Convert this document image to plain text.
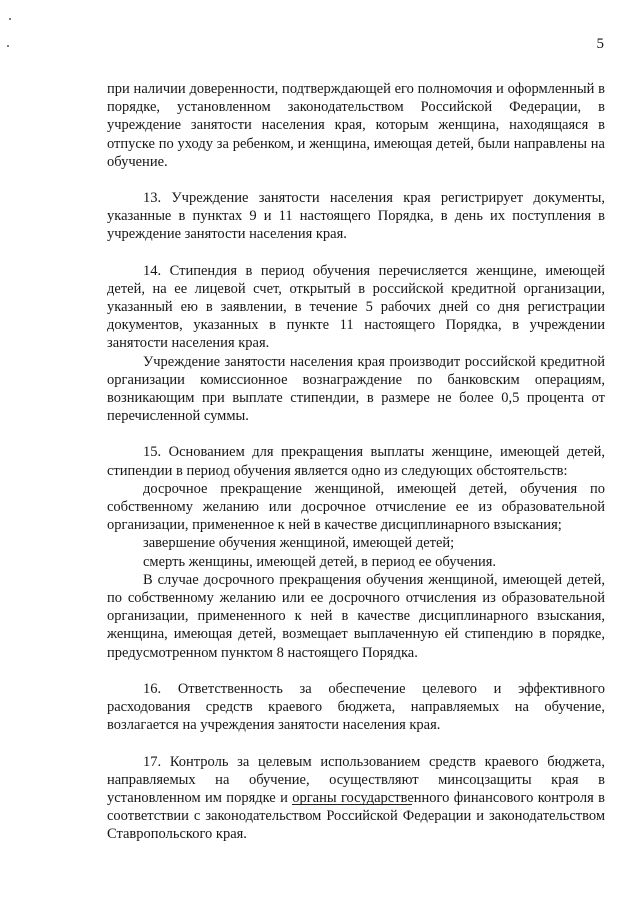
5

при наличии доверенности, подтверждающей его полномочия и оформленный в порядке, установленном законодательством Российской Федерации, в учреждение занятости населения края, которым женщина, находящаяся в отпуске по уходу за ребенком, и женщина, имеющая детей, были направлены на обучение.

13. Учреждение занятости населения края регистрирует документы, указанные в пунктах 9 и 11 настоящего Порядка, в день их поступления в учреждение занятости населения края.

14. Стипендия в период обучения перечисляется женщине, имеющей детей, на ее лицевой счет, открытый в российской кредитной организации, указанный ею в заявлении, в течение 5 рабочих дней со дня регистрации документов, указанных в пункте 11 настоящего Порядка, в учреждении занятости населения края.

Учреждение занятости населения края производит российской кредитной организации комиссионное вознаграждение по банковским операциям, возникающим при выплате стипендии, в размере не более 0,5 процента от перечисленной суммы.

15. Основанием для прекращения выплаты женщине, имеющей детей, стипендии в период обучения является одно из следующих обстоятельств:

досрочное прекращение женщиной, имеющей детей, обучения по собственному желанию или досрочное отчисление ее из образовательной организации, примененное к ней в качестве дисциплинарного взыскания;

завершение обучения женщиной, имеющей детей;

смерть женщины, имеющей детей, в период ее обучения.

В случае досрочного прекращения обучения женщиной, имеющей детей, по собственному желанию или ее досрочного отчисления из образовательной организации, примененного к ней в качестве дисциплинарного взыскания, женщина, имеющая детей, возмещает выплаченную ей стипендию в порядке, предусмотренном пунктом 8 настоящего Порядка.

16. Ответственность за обеспечение целевого и эффективного расходования средств краевого бюджета, направляемых на обучение, возлагается на учреждения занятости населения края.

17. Контроль за целевым использованием средств краевого бюджета, направляемых на обучение, осуществляют минсоцзащиты края в установленном им порядке и органы государственного финансового контроля в соответствии с законодательством Российской Федерации и законодательством Ставропольского края.
